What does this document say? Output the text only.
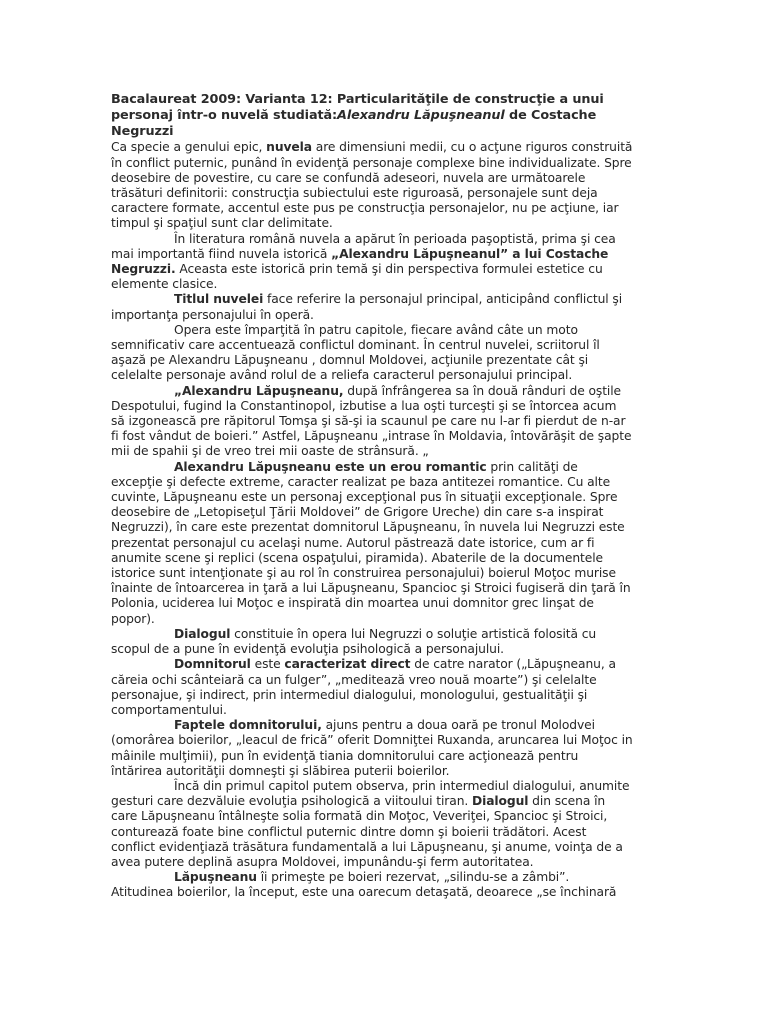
Bacalaureat 2009: Varianta 12: Particularităţile de construcţie a unui personaj într-o nuvelă studiată:Alexandru Lăpuşneanul de Costache Negruzzi

Ca specie a genului epic, nuvela are dimensiuni medii, cu o acţune riguros construită în conflict puternic, punând în evidenţă personaje complexe bine individualizate. Spre deosebire de povestire, cu care se confundă adeseori, nuvela are următoarele trăsături definitorii: construcţia subiectului este riguroasă, personajele sunt deja caractere formate, accentul este pus pe construcţia personajelor, nu pe acţiune, iar timpul şi spaţiul sunt clar delimitate.

În literatura română nuvela a apărut în perioada paşoptistă, prima şi cea mai importantă fiind nuvela istorică „Alexandru Lăpuşneanul” a lui Costache Negruzzi. Aceasta este istorică prin temă şi din perspectiva formulei estetice cu elemente clasice.

Titlul nuvelei face referire la personajul principal, anticipând conflictul şi importanţa personajului în operă.

Opera este împarţită în patru capitole, fiecare având câte un moto semnificativ care accentuează conflictul dominant. În centrul nuvelei, scriitorul îl aşază pe Alexandru Lăpuşneanu , domnul Moldovei, acţiunile prezentate cât şi celelalte personaje având rolul de a reliefa caracterul personajului principal.

„Alexandru Lăpuşneanu, după înfrângerea sa în două rânduri de oştile Despotului, fugind la Constantinopol, izbutise a lua oşti turceşti şi se întorcea acum să izgonească pre răpitorul Tomşa şi să-şi ia scaunul pe care nu l-ar fi pierdut de n-ar fi fost vândut de boieri.” Astfel, Lăpuşneanu „intrase în Moldavia, întovărăşit de şapte mii de spahii şi de vreo trei mii oaste de strânsură. „

Alexandru Lăpuşneanu este un erou romantic prin calităţi de excepţie şi defecte extreme, caracter realizat pe baza antitezei romantice. Cu alte cuvinte, Lăpuşneanu este un personaj excepţional pus în situaţii excepţionale. Spre deosebire de „Letopiseţul Ţării Moldovei” de Grigore Ureche) din care s-a inspirat Negruzzi), în care este prezentat domnitorul Lăpuşneanu, în nuvela lui Negruzzi este prezentat personajul cu acelaşi nume. Autorul păstrează date istorice, cum ar fi anumite scene şi replici (scena ospaţului, piramida). Abaterile de la documentele istorice sunt intenţionate şi au rol în construirea personajului) boierul Moţoc murise înainte de întoarcerea in ţară a lui Lăpuşneanu, Spancioc şi Stroici fugiseră din ţară în Polonia, uciderea lui Moţoc e inspirată din moartea unui domnitor grec linşat de popor).

Dialogul constituie în opera lui Negruzzi o soluţie artistică folosită cu scopul de a pune în evidenţă evoluţia psihologică a personajului.

Domnitorul este caracterizat direct de catre narator („Lăpuşneanu, a căreia ochi scânteiară ca un fulger”, „meditează vreo nouă moarte”) şi celelalte personajue, şi indirect, prin intermediul dialogului, monologului, gestualităţii şi comportamentului.

Faptele domnitorului, ajuns pentru a doua oară pe tronul Molodvei (omorârea boierilor, „leacul de frică” oferit Domniţtei Ruxanda, aruncarea lui Moţoc in mâinile mulţimii), pun în evidenţă tiania domnitorului care acţionează pentru întărirea autorităţii domneşti şi slăbirea puterii boierilor.

Încă din primul capitol putem observa, prin intermediul dialogului, anumite gesturi care dezvăluie evoluţia psihologică a viitoului tiran. Dialogul din scena în care Lăpuşneanu întâlneşte solia formată din Moţoc, Veveriţei, Spancioc şi Stroici, conturează foate bine conflictul puternic dintre domn şi boierii trădători. Acest conflict evidenţiază trăsătura fundamentală a lui Lăpuşneanu, şi anume, voinţa de a avea putere deplină asupra Moldovei, impunându-şi ferm autoritatea.

Lăpuşneanu îi primeşte pe boieri rezervat, „silindu-se a zâmbi”. Atitudinea boierilor, la început, este una oarecum detaşată, deoarece „se închinară
